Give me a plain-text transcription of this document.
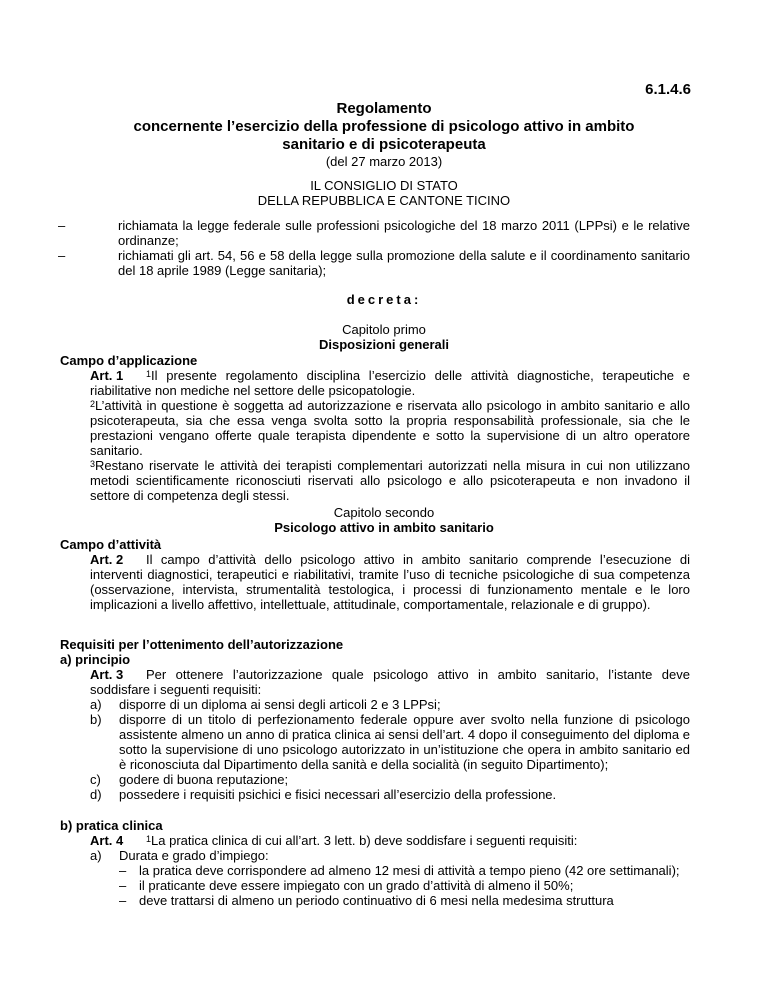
6.1.4.6
Regolamento
concernente l’esercizio della professione di psicologo attivo in ambito
sanitario e di psicoterapeuta
(del 27 marzo 2013)
IL CONSIGLIO DI STATO
DELLA REPUBBLICA E CANTONE TICINO
–	richiamata la legge federale sulle professioni psicologiche del 18 marzo 2011 (LPPsi) e le relative ordinanze;
–	richiamati gli art. 54, 56 e 58 della legge sulla promozione della salute e il coordinamento sanitario del 18 aprile 1989 (Legge sanitaria);
decreta:
Capitolo primo
Disposizioni generali
Campo d’applicazione
Art. 1	$^1$Il presente regolamento disciplina l’esercizio delle attività diagnostiche, terapeutiche e riabilitative non mediche nel settore delle psicopatologie.
$^2$L’attività in questione è soggetta ad autorizzazione e riservata allo psicologo in ambito sanitario e allo psicoterapeuta, sia che essa venga svolta sotto la propria responsabilità professionale, sia che le prestazioni vengano offerte quale terapista dipendente e sotto la supervisione di un altro operatore sanitario.
$^3$Restano riservate le attività dei terapisti complementari autorizzati nella misura in cui non utilizzano metodi scientificamente riconosciuti riservati allo psicologo e allo psicoterapeuta e non invadono il settore di competenza degli stessi.
Capitolo secondo
Psicologo attivo in ambito sanitario
Campo d’attività
Art. 2 Il campo d’attività dello psicologo attivo in ambito sanitario comprende l’esecuzione di interventi diagnostici, terapeutici e riabilitativi, tramite l’uso di tecniche psicologiche di sua competenza (osservazione, intervista, strumentalità testologica, i processi di funzionamento mentale e le loro implicazioni a livello affettivo, intellettuale, attitudinale, comportamentale, relazionale e di gruppo).
Requisiti per l’ottenimento dell’autorizzazione
a) principio
Art. 3 Per ottenere l’autorizzazione quale psicologo attivo in ambito sanitario, l’istante deve soddisfare i seguenti requisiti:
a) disporre di un diploma ai sensi degli articoli 2 e 3 LPPsi;
b) disporre di un titolo di perfezionamento federale oppure aver svolto nella funzione di psicologo assistente almeno un anno di pratica clinica ai sensi dell’art. 4 dopo il conseguimento del diploma e sotto la supervisione di uno psicologo autorizzato in un’istituzione che opera in ambito sanitario ed è riconosciuta dal Dipartimento della sanità e della socialità (in seguito Dipartimento);
c) godere di buona reputazione;
d) possedere i requisiti psichici e fisici necessari all’esercizio della professione.
b) pratica clinica
Art. 4	$^1$La pratica clinica di cui all’art. 3 lett. b) deve soddisfare i seguenti requisiti:
a) Durata e grado d’impiego:
– la pratica deve corrispondere ad almeno 12 mesi di attività a tempo pieno (42 ore settimanali);
– il praticante deve essere impiegato con un grado d’attività di almeno il 50%;
– deve trattarsi di almeno un periodo continuativo di 6 mesi nella medesima struttura
